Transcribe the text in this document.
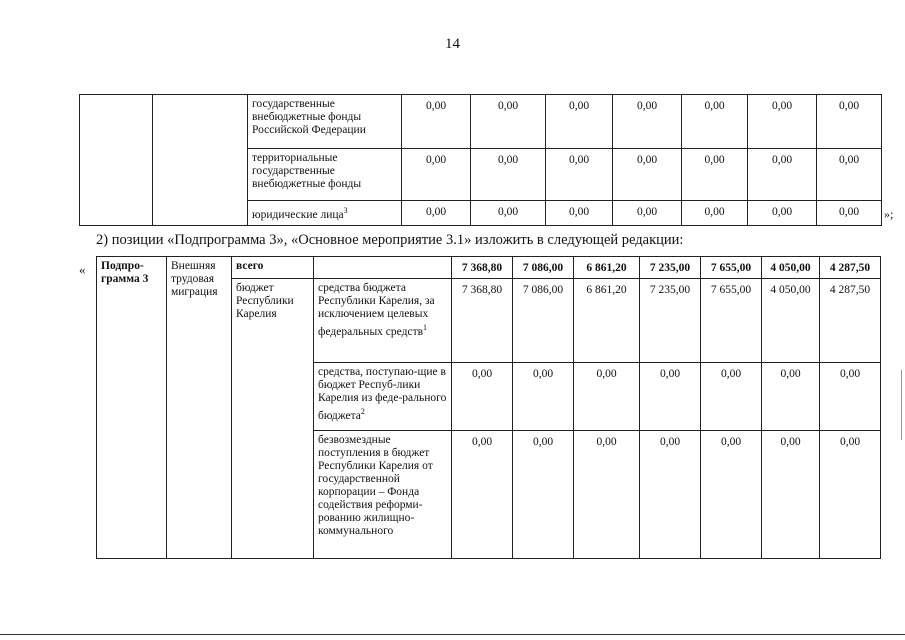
14
		государственные внебюджетные фонды Российской Федерации	0,00	0,00	0,00	0,00	0,00	0,00	0,00
		территориальные государственные внебюджетные фонды	0,00	0,00	0,00	0,00	0,00	0,00	0,00
		юридические лица$^3$	0,00	0,00	0,00	0,00	0,00	0,00	0,00 »;
2) позиции «Подпрограмма 3», «Основное мероприятие 3.1» изложить в следующей редакции:
« Подпро-грамма 3	Внешняя трудовая миграция	всего		7 368,80	7 086,00	6 861,20	7 235,00	7 655,00	4 050,00	4 287,50
		бюджет Республики Карелия	средства бюджета Республики Карелия, за исключением целевых федеральных средств$^1$	7 368,80	7 086,00	6 861,20	7 235,00	7 655,00	4 050,00	4 287,50
			средства, поступаю-щие в бюджет Респуб-лики Карелия из феде-рального бюджета$^2$	0,00	0,00	0,00	0,00	0,00	0,00	0,00
			безвозмездные поступления в бюджет Республики Карелия от государственной корпорации – Фонда содействия реформи-рованию жилищно-коммунального	0,00	0,00	0,00	0,00	0,00	0,00	0,00
